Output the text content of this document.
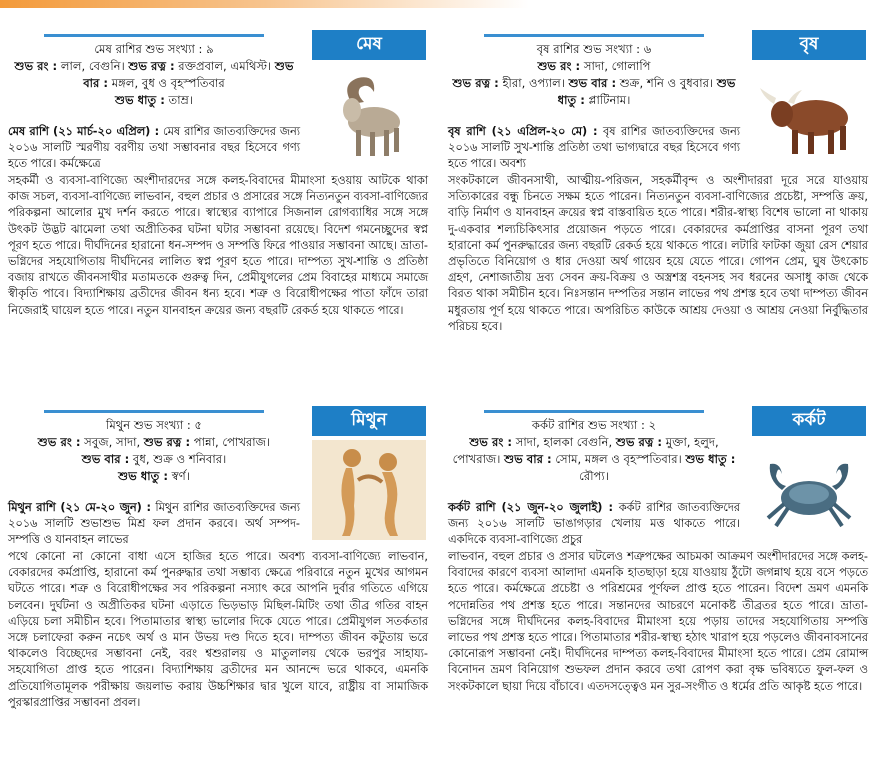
মেষ রাশির শুভ সংখ্যা : ৯
শুভ রং : লাল, বেগুনি। শুভ রত্ন : রক্তপ্রবাল, এমথিস্ট। শুভ বার : মঙ্গল, বুধ ও বৃহস্পতিবার
শুভ ধাতু : তাম্র।
মেষ
মেষ রাশি (২১ মার্চ-২০ এপ্রিল) : মেষ রাশির জাতব্যক্তিদের জন্য ২০১৬ সালটি স্মরণীয় বরণীয় তথা সম্ভাবনার বছর হিসেবে গণ্য হতে পারে। কর্মক্ষেত্রে
সহকর্মী ও ব্যবসা-বাণিজ্যে অংশীদারদের সঙ্গে কলহ-বিবাদের মীমাংসা হওয়ায় আটকে থাকা কাজ সচল, ব্যবসা-বাণিজ্যে লাভবান, বহুল প্রচার ও প্রসারের সঙ্গে নিত্যনতুন ব্যবসা-বাণিজ্যের পরিকল্পনা আলোর মুখ দর্শন করতে পারে। স্বাস্থ্যের ব্যাপারে সিজনাল রোগব্যাধির সঙ্গে সঙ্গে উৎকট উদ্ভট ঝামেলা তথা অপ্রীতিকর ঘটনা ঘটার সম্ভাবনা রয়েছে। বিদেশ গমনেচ্ছুদের স্বপ্ন পূরণ হতে পারে। দীর্ঘদিনের হারানো ধন-সম্পদ ও সম্পত্তি ফিরে পাওয়ার সম্ভাবনা আছে। ভ্রাতা-ভগ্নিদের সহযোগিতায় দীর্ঘদিনের লালিত স্বপ্ন পূরণ হতে পারে। দাম্পত্য সুখ-শান্তি ও প্রতিষ্ঠা বজায় রাখতে জীবনসাথীর মতামতকে গুরুত্ব দিন, প্রেমীযুগলের প্রেম বিবাহের মাধ্যমে সমাজে স্বীকৃতি পাবে। বিদ্যাশিক্ষায় ব্রতীদের জীবন ধন্য হবে। শত্রু ও বিরোধীপক্ষের পাতা ফাঁদে তারা নিজেরাই ঘায়েল হতে পারে। নতুন যানবাহন ক্রয়ের জন্য বছরটি রেকর্ড হয়ে থাকতে পারে।
বৃষ রাশির শুভ সংখ্যা : ৬
শুভ রং : সাদা, গোলাপি
শুভ রত্ন : হীরা, ওপ্যাল। শুভ বার : শুক্র, শনি ও বুধবার। শুভ ধাতু : প্লাটিনাম।
বৃষ
বৃষ রাশি (২১ এপ্রিল-২০ মে) : বৃষ রাশির জাতব্যক্তিদের জন্য ২০১৬ সালটি সুখ-শান্তি প্রতিষ্ঠা তথা ভাগ্যদ্বারে বছর হিসেবে গণ্য হতে পারে। অবশ্য
সংকটকালে জীবনসাথী, আত্মীয়-পরিজন, সহকর্মীবৃন্দ ও অংশীদাররা দূরে সরে যাওয়ায় সত্যিকারের বন্ধু চিনতে সক্ষম হতে পারেন। নিত্যনতুন ব্যবসা-বাণিজ্যের প্রচেষ্টা, সম্পত্তি ক্রয়, বাড়ি নির্মাণ ও যানবাহন ক্রয়ের স্বপ্ন বাস্তবায়িত হতে পারে। শরীর-স্বাস্থ্য বিশেষ ভালো না থাকায় দু-একবার শল্যচিকিৎসার প্রয়োজন পড়তে পারে। বেকারদের কর্মপ্রাপ্তির বাসনা পূরণ তথা হারানো কর্ম পুনরুদ্ধারের জন্য বছরটি রেকর্ড হয়ে থাকতে পারে। লটারি ফাটকা জুয়া রেস শেয়ার প্রভৃতিতে বিনিয়োগ ও ধার দেওয়া অর্থ গায়েব হয়ে যেতে পারে। গোপন প্রেম, ঘুষ উৎকোচ গ্রহণ, নেশাজাতীয় দ্রব্য সেবন ক্রয়-বিক্রয় ও অস্ত্রশস্ত্র বহনসহ সব ধরনের অসাধু কাজ থেকে বিরত থাকা সমীচীন হবে। নিঃসন্তান দম্পতির সন্তান লাভের পথ প্রশস্ত হবে তথা দাম্পত্য জীবন মধুরতায় পূর্ণ হয়ে থাকতে পারে। অপরিচিত কাউকে আশ্রয় দেওয়া ও আশ্রয় নেওয়া নির্বুদ্ধিতার পরিচয় হবে।
মিথুন শুভ সংখ্যা : ৫
শুভ রং : সবুজ, সাদা, শুভ রত্ন : পান্না, পোখরাজ।
শুভ বার : বুধ, শুক্র ও শনিবার।
শুভ ধাতু : স্বর্ণ।
মিথুন
মিথুন রাশি (২১ মে-২০ জুন) : মিথুন রাশির জাতব্যক্তিদের জন্য ২০১৬ সালটি শুভাশুভ মিশ্র ফল প্রদান করবে। অর্থ সম্পদ-সম্পত্তি ও যানবাহন লাভের
পথে কোনো না কোনো বাধা এসে হাজির হতে পারে। অবশ্য ব্যবসা-বাণিজ্যে লাভবান, বেকারদের কর্মপ্রাপ্তি, হারানো কর্ম পুনরুদ্ধার তথা সম্ভাব্য ক্ষেত্রে পরিবারে নতুন মুখের আগমন ঘটতে পারে। শত্রু ও বিরোধীপক্ষের সব পরিকল্পনা নস্যাৎ করে আপনি দুর্বার গতিতে এগিয়ে চলবেন। দুর্ঘটনা ও অপ্রীতিকর ঘটনা এড়াতে ভিড়ভাড় মিছিল-মিটিং তথা তীব্র গতির বাহন এড়িয়ে চলা সমীচীন হবে। পিতামাতার স্বাস্থ্য ভালোর দিকে যেতে পারে। প্রেমীযুগল সতর্কতার সঙ্গে চলাফেরা করুন নচেৎ অর্থ ও মান উভয় দণ্ড দিতে হবে। দাম্পত্য জীবন কটুতায় ভরে থাকলেও বিচ্ছেদের সম্ভাবনা নেই, বরং শ্বশুরালয় ও মাতুলালয় থেকে ভরপুর সাহায্য-সহযোগিতা প্রাপ্ত হতে পারেন। বিদ্যাশিক্ষায় ব্রতীদের মন আনন্দে ভরে থাকবে, এমনকি প্রতিযোগিতামূলক পরীক্ষায় জয়লাভ করায় উচ্চশিক্ষার দ্বার খুলে যাবে, রাষ্ট্রীয় বা সামাজিক পুরস্কারপ্রাপ্তির সম্ভাবনা প্রবল।
কর্কট রাশির শুভ সংখ্যা : ২
শুভ রং : সাদা, হালকা বেগুনি, শুভ রত্ন : মুক্তা, হলুদ, পোখরাজ। শুভ বার : সোম, মঙ্গল ও বৃহস্পতিবার। শুভ ধাতু : রৌপ্য।
কর্কট
কর্কট রাশি (২১ জুন-২০ জুলাই) : কর্কট রাশির জাতব্যক্তিদের জন্য ২০১৬ সালটি ভাঙাগড়ার খেলায় মত্ত থাকতে পারে। একদিকে ব্যবসা-বাণিজ্যে প্রচুর
লাভবান, বহুল প্রচার ও প্রসার ঘটলেও শত্রুপক্ষের আচমকা আক্রমণ অংশীদারদের সঙ্গে কলহ-বিবাদের কারণে ব্যবসা আলাদা এমনকি হাতছাড়া হয়ে যাওয়ায় ঠুঁটো জগন্নাথ হয়ে বসে পড়তে হতে পারে। কর্মক্ষেত্রে প্রচেষ্টা ও পরিশ্রমের পূর্ণফল প্রাপ্ত হতে পারেন। বিদেশ ভ্রমণ এমনকি পদোন্নতির পথ প্রশস্ত হতে পারে। সন্তানদের আচরণে মনোকষ্ট তীব্রতর হতে পারে। ভ্রাতা-ভগ্নিদের সঙ্গে দীর্ঘদিনের কলহ-বিবাদের মীমাংসা হয়ে পড়ায় তাদের সহযোগিতায় সম্পত্তি লাভের পথ প্রশস্ত হতে পারে। পিতামাতার শরীর-স্বাস্থ্য হঠাৎ খারাপ হয়ে পড়লেও জীবনাবসানের কোনোরূপ সম্ভাবনা নেই। দীর্ঘদিনের দাম্পত্য কলহ-বিবাদের মীমাংসা হতে পারে। প্রেম রোমান্স বিনোদন ভ্রমণ বিনিয়োগ শুভফল প্রদান করবে তথা রোপণ করা বৃক্ষ ভবিষ্যতে ফুল-ফল ও সংকটকালে ছায়া দিয়ে বাঁচাবে। এতদসত্ত্বেও মন সুর-সংগীত ও ধর্মের প্রতি আকৃষ্ট হতে পারে।
